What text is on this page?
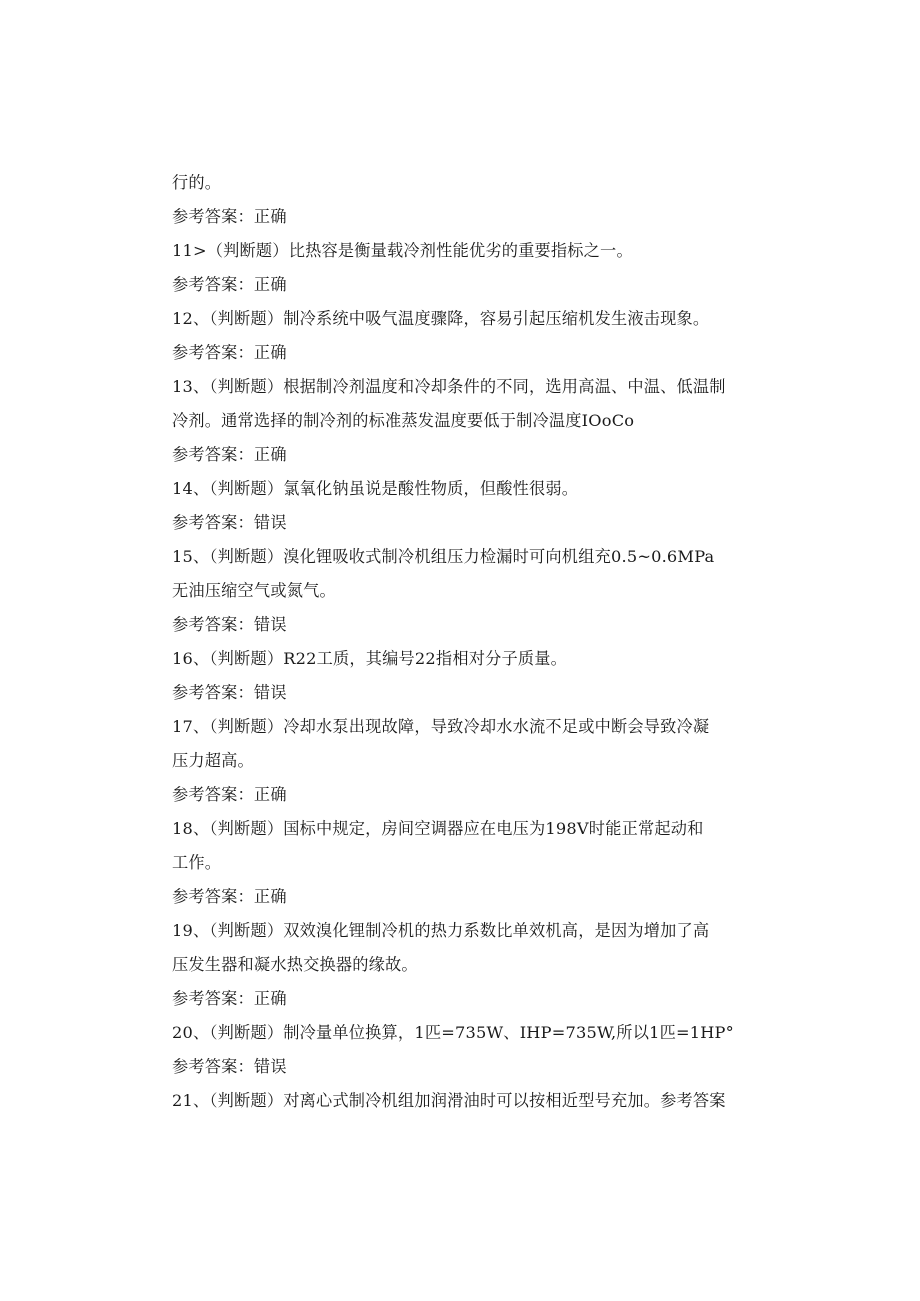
行的。
参考答案：正确
11>（判断题）比热容是衡量载冷剂性能优劣的重要指标之一。
参考答案：正确
12、（判断题）制冷系统中吸气温度骤降，容易引起压缩机发生液击现象。
参考答案：正确
13、（判断题）根据制冷剂温度和冷却条件的不同，选用高温、中温、低温制
冷剂。通常选择的制冷剂的标准蒸发温度要低于制冷温度IOoCo
参考答案：正确
14、（判断题）氯氧化钠虽说是酸性物质，但酸性很弱。
参考答案：错误
15、（判断题）溴化锂吸收式制冷机组压力检漏时可向机组充0.5~0.6MPa
无油压缩空气或氮气。
参考答案：错误
16、（判断题）R22工质，其编号22指相对分子质量。
参考答案：错误
17、（判断题）冷却水泵出现故障，导致冷却水水流不足或中断会导致冷凝
压力超高。
参考答案：正确
18、（判断题）国标中规定，房间空调器应在电压为198V时能正常起动和
工作。
参考答案：正确
19、（判断题）双效溴化锂制冷机的热力系数比单效机高，是因为增加了高
压发生器和凝水热交换器的缘故。
参考答案：正确
20、（判断题）制冷量单位换算，1匹=735W、IHP=735W,所以1匹=1HP°
参考答案：错误
21、（判断题）对离心式制冷机组加润滑油时可以按相近型号充加。参考答案
